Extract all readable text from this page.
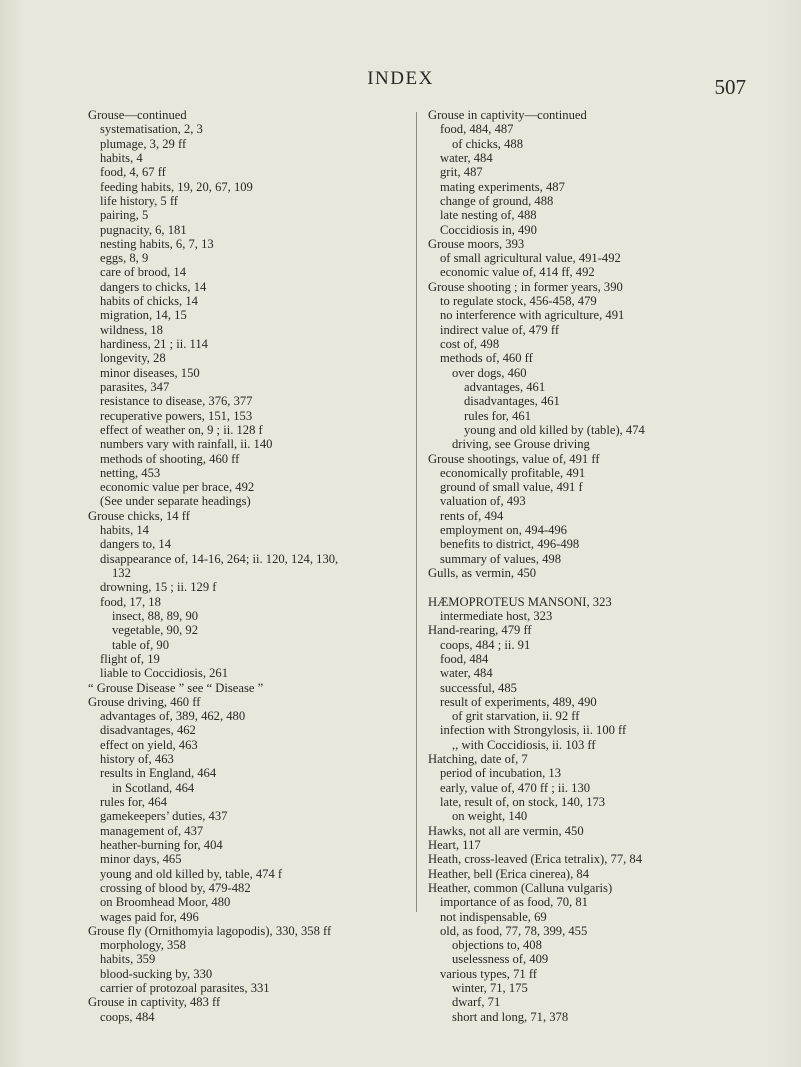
INDEX	507
Grouse—continued
systematisation, 2, 3
plumage, 3, 29 ff
habits, 4
food, 4, 67 ff
feeding habits, 19, 20, 67, 109
life history, 5 ff
pairing, 5
pugnacity, 6, 181
nesting habits, 6, 7, 13
eggs, 8, 9
care of brood, 14
dangers to chicks, 14
habits of chicks, 14
migration, 14, 15
wildness, 18
hardiness, 21 ; ii. 114
longevity, 28
minor diseases, 150
parasites, 347
resistance to disease, 376, 377
recuperative powers, 151, 153
effect of weather on, 9 ; ii. 128 f
numbers vary with rainfall, ii. 140
methods of shooting, 460 ff
netting, 453
economic value per brace, 492
(See under separate headings)
Grouse chicks, 14 ff
habits, 14
dangers to, 14
disappearance of, 14-16, 264; ii. 120, 124, 130,
132
drowning, 15 ; ii. 129 f
food, 17, 18
insect, 88, 89, 90
vegetable, 90, 92
table of, 90
flight of, 19
liable to Coccidiosis, 261
“ Grouse Disease ” see “ Disease ”
Grouse driving, 460 ff
advantages of, 389, 462, 480
disadvantages, 462
effect on yield, 463
history of, 463
results in England, 464
in Scotland, 464
rules for, 464
gamekeepers’ duties, 437
management of, 437
heather-burning for, 404
minor days, 465
young and old killed by, table, 474 f
crossing of blood by, 479-482
on Broomhead Moor, 480
wages paid for, 496
Grouse fly (Ornithomyia lagopodis), 330, 358 ff
morphology, 358
habits, 359
blood-sucking by, 330
carrier of protozoal parasites, 331
Grouse in captivity, 483 ff
coops, 484
Grouse in captivity—continued
food, 484, 487
of chicks, 488
water, 484
grit, 487
mating experiments, 487
change of ground, 488
late nesting of, 488
Coccidiosis in, 490
Grouse moors, 393
of small agricultural value, 491-492
economic value of, 414 ff, 492
Grouse shooting ; in former years, 390
to regulate stock, 456-458, 479
no interference with agriculture, 491
indirect value of, 479 ff
cost of, 498
methods of, 460 ff
over dogs, 460
advantages, 461
disadvantages, 461
rules for, 461
young and old killed by (table), 474
driving, see Grouse driving
Grouse shootings, value of, 491 ff
economically profitable, 491
ground of small value, 491 f
valuation of, 493
rents of, 494
employment on, 494-496
benefits to district, 496-498
summary of values, 498
Gulls, as vermin, 450

HÆMOPROTEUS MANSONI, 323
intermediate host, 323
Hand-rearing, 479 ff
coops, 484 ; ii. 91
food, 484
water, 484
successful, 485
result of experiments, 489, 490
of grit starvation, ii. 92 ff
infection with Strongylosis, ii. 100 ff
,, with Coccidiosis, ii. 103 ff
Hatching, date of, 7
period of incubation, 13
early, value of, 470 ff ; ii. 130
late, result of, on stock, 140, 173
on weight, 140
Hawks, not all are vermin, 450
Heart, 117
Heath, cross-leaved (Erica tetralix), 77, 84
Heather, bell (Erica cinerea), 84
Heather, common (Calluna vulgaris)
importance of as food, 70, 81
not indispensable, 69
old, as food, 77, 78, 399, 455
objections to, 408
uselessness of, 409
various types, 71 ff
winter, 71, 175
dwarf, 71
short and long, 71, 378
